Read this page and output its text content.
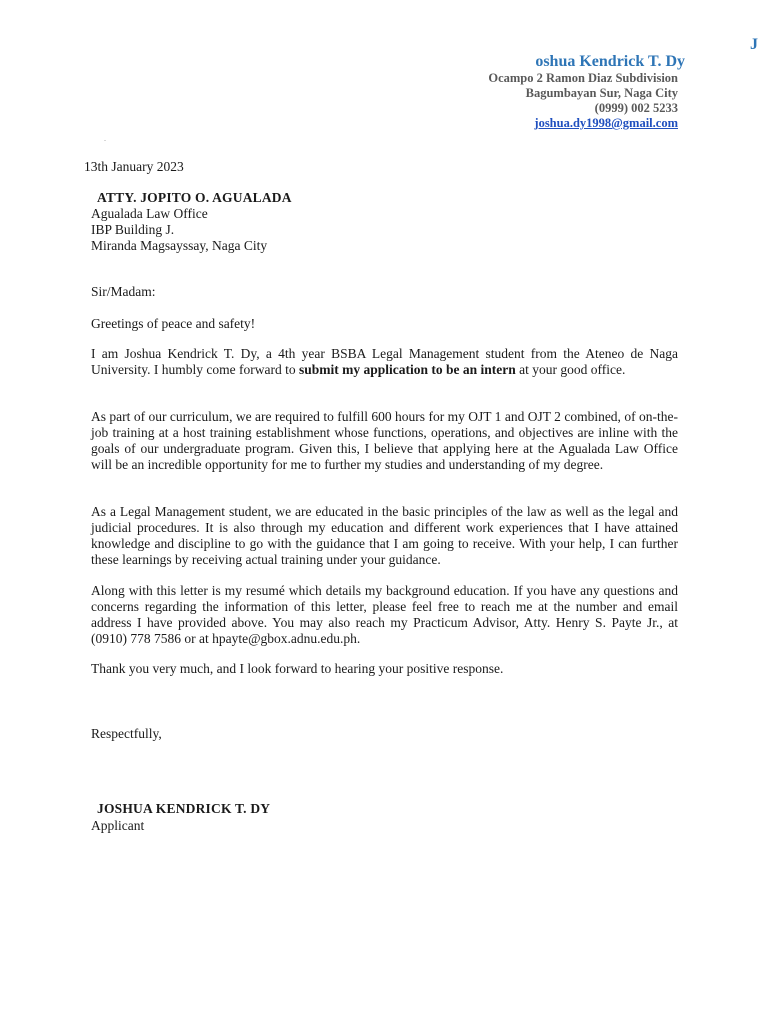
J
oshua Kendrick T. Dy
Ocampo 2 Ramon Diaz Subdivision
Bagumbayan Sur, Naga City
(0999) 002 5233
joshua.dy1998@gmail.com
.
13th January 2023
ATTY. JOPITO O. AGUALADA
Agualada Law Office
IBP Building J.
Miranda Magsayssay, Naga City
Sir/Madam:
Greetings of peace and safety!
I am Joshua Kendrick T. Dy, a 4th year BSBA Legal Management student from the Ateneo de Naga University. I humbly come forward to submit my application to be an intern at your good office.
As part of our curriculum, we are required to fulfill 600 hours for my OJT 1 and OJT 2 combined, of on-the-job training at a host training establishment whose functions, operations, and objectives are inline with the goals of our undergraduate program. Given this, I believe that applying here at the Agualada Law Office will be an incredible opportunity for me to further my studies and understanding of my degree.
As a Legal Management student, we are educated in the basic principles of the law as well as the legal and judicial procedures. It is also through my education and different work experiences that I have attained knowledge and discipline to go with the guidance that I am going to receive. With your help, I can further these learnings by receiving actual training under your guidance.
Along with this letter is my resumé which details my background education. If you have any questions and concerns regarding the information of this letter, please feel free to reach me at the number and email address I have provided above. You may also reach my Practicum Advisor, Atty. Henry S. Payte Jr., at (0910) 778 7586 or at hpayte@gbox.adnu.edu.ph.
Thank you very much, and I look forward to hearing your positive response.
Respectfully,
JOSHUA KENDRICK T. DY
Applicant
